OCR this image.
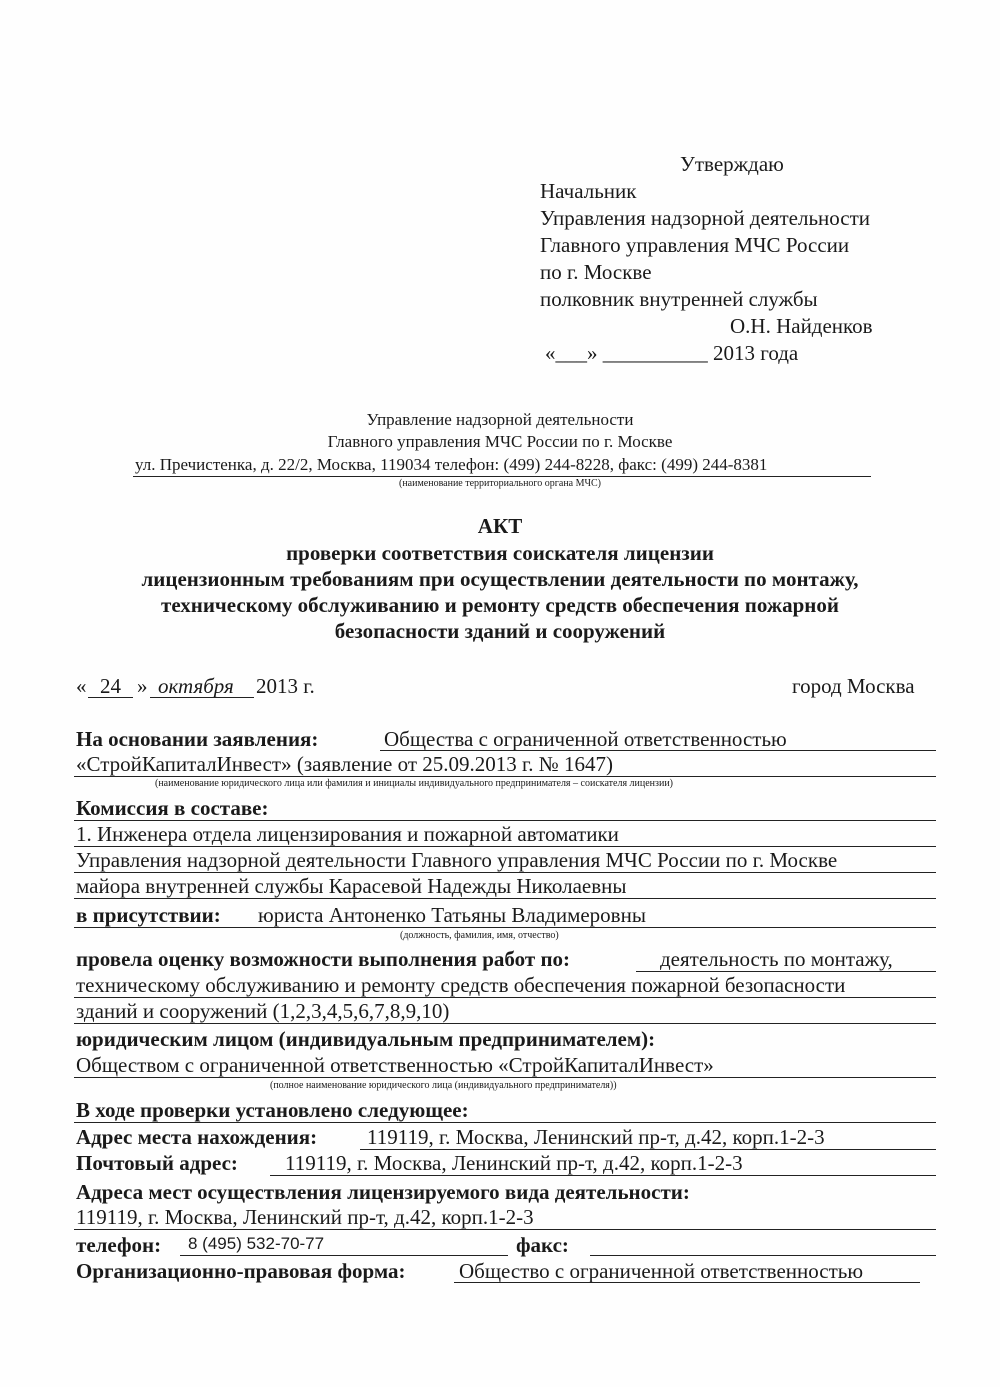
Утверждаю
Начальник
Управления надзорной деятельности
Главного управления МЧС России
по г. Москве
полковник внутренней службы
О.Н. Найденков
«___» __________ 2013 года
Управление надзорной деятельности
Главного управления МЧС России по г. Москве
ул. Пречистенка, д. 22/2, Москва, 119034 телефон: (499) 244-8228, факс: (499) 244-8381
(наименование территориального органа МЧС)
АКТ
проверки соответствия соискателя лицензии
лицензионным требованиям при осуществлении деятельности по монтажу,
техническому обслуживанию и ремонту средств обеспечения пожарной
безопасности зданий и сооружений
« 24 » октября 2013 г.	город Москва
На основании заявления:	Общества с ограниченной ответственностью
«СтройКапиталИнвест» (заявление от 25.09.2013 г. № 1647)
(наименование юридического лица или фамилия и инициалы индивидуального предпринимателя – соискателя лицензии)
Комиссия в составе:
1. Инженера отдела лицензирования и пожарной автоматики
Управления надзорной деятельности Главного управления МЧС России по г. Москве
майора внутренней службы Карасевой Надежды Николаевны
в присутствии: юриста Антоненко Татьяны Владимеровны
(должность, фамилия, имя, отчество)
провела оценку возможности выполнения работ по:	деятельность по монтажу,
техническому обслуживанию и ремонту средств обеспечения пожарной безопасности
зданий и сооружений (1,2,3,4,5,6,7,8,9,10)
юридическим лицом (индивидуальным предпринимателем):
Обществом с ограниченной ответственностью «СтройКапиталИнвест»
(полное наименование юридического лица (индивидуального предпринимателя))
В ходе проверки установлено следующее:
Адрес места нахождения: 119119, г. Москва, Ленинский пр-т, д.42, корп.1-2-3
Почтовый адрес: 119119, г. Москва, Ленинский пр-т, д.42, корп.1-2-3
Адреса мест осуществления лицензируемого вида деятельности:
119119, г. Москва, Ленинский пр-т, д.42, корп.1-2-3
телефон: 8 (495) 532-70-77	факс:
Организационно-правовая форма:	Общество с ограниченной ответственностью
